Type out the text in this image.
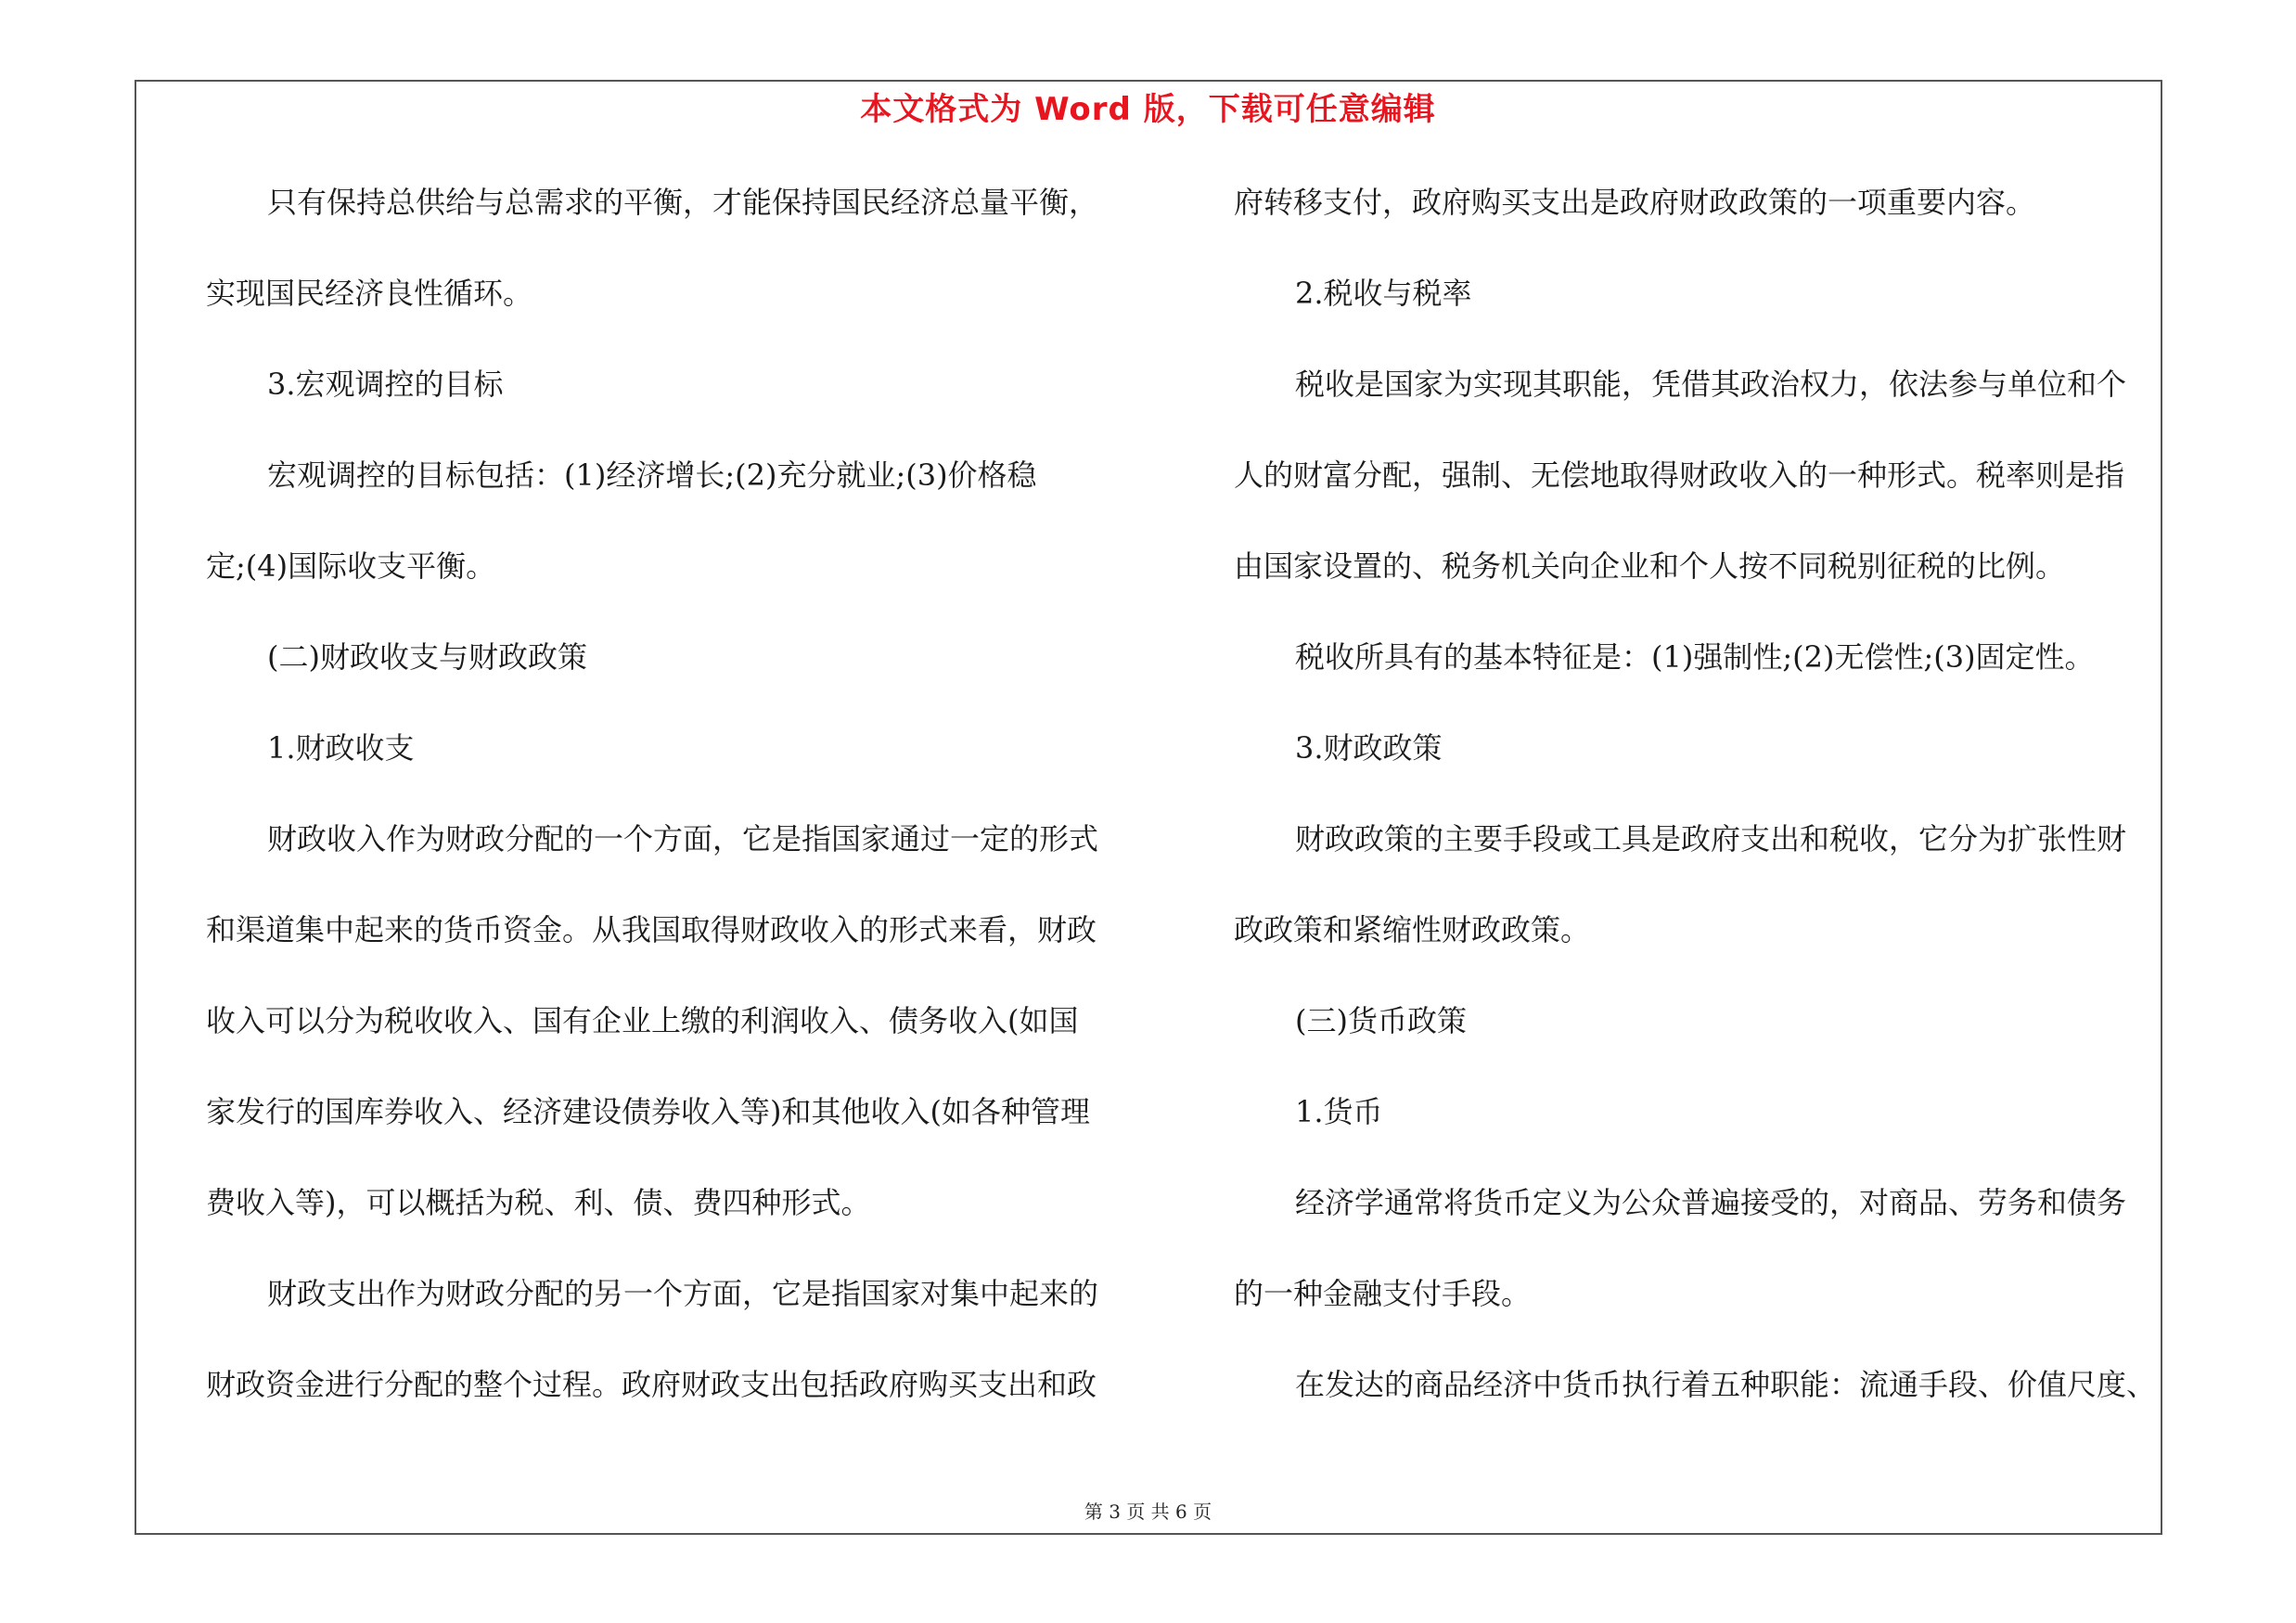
本文格式为 Word 版，下载可任意编辑
只有保持总供给与总需求的平衡，才能保持国民经济总量平衡，
实现国民经济良性循环。
3.宏观调控的目标
宏观调控的目标包括：(1)经济增长;(2)充分就业;(3)价格稳
定;(4)国际收支平衡。
(二)财政收支与财政政策
1.财政收支
财政收入作为财政分配的一个方面，它是指国家通过一定的形式
和渠道集中起来的货币资金。从我国取得财政收入的形式来看，财政
收入可以分为税收收入、国有企业上缴的利润收入、债务收入(如国
家发行的国库券收入、经济建设债券收入等)和其他收入(如各种管理
费收入等)，可以概括为税、利、债、费四种形式。
财政支出作为财政分配的另一个方面，它是指国家对集中起来的
财政资金进行分配的整个过程。政府财政支出包括政府购买支出和政
府转移支付，政府购买支出是政府财政政策的一项重要内容。
2.税收与税率
税收是国家为实现其职能，凭借其政治权力，依法参与单位和个
人的财富分配，强制、无偿地取得财政收入的一种形式。税率则是指
由国家设置的、税务机关向企业和个人按不同税别征税的比例。
税收所具有的基本特征是：(1)强制性;(2)无偿性;(3)固定性。
3.财政政策
财政政策的主要手段或工具是政府支出和税收，它分为扩张性财
政政策和紧缩性财政政策。
(三)货币政策
1.货币
经济学通常将货币定义为公众普遍接受的，对商品、劳务和债务
的一种金融支付手段。
在发达的商品经济中货币执行着五种职能：流通手段、价值尺度、
第 3 页 共 6 页
